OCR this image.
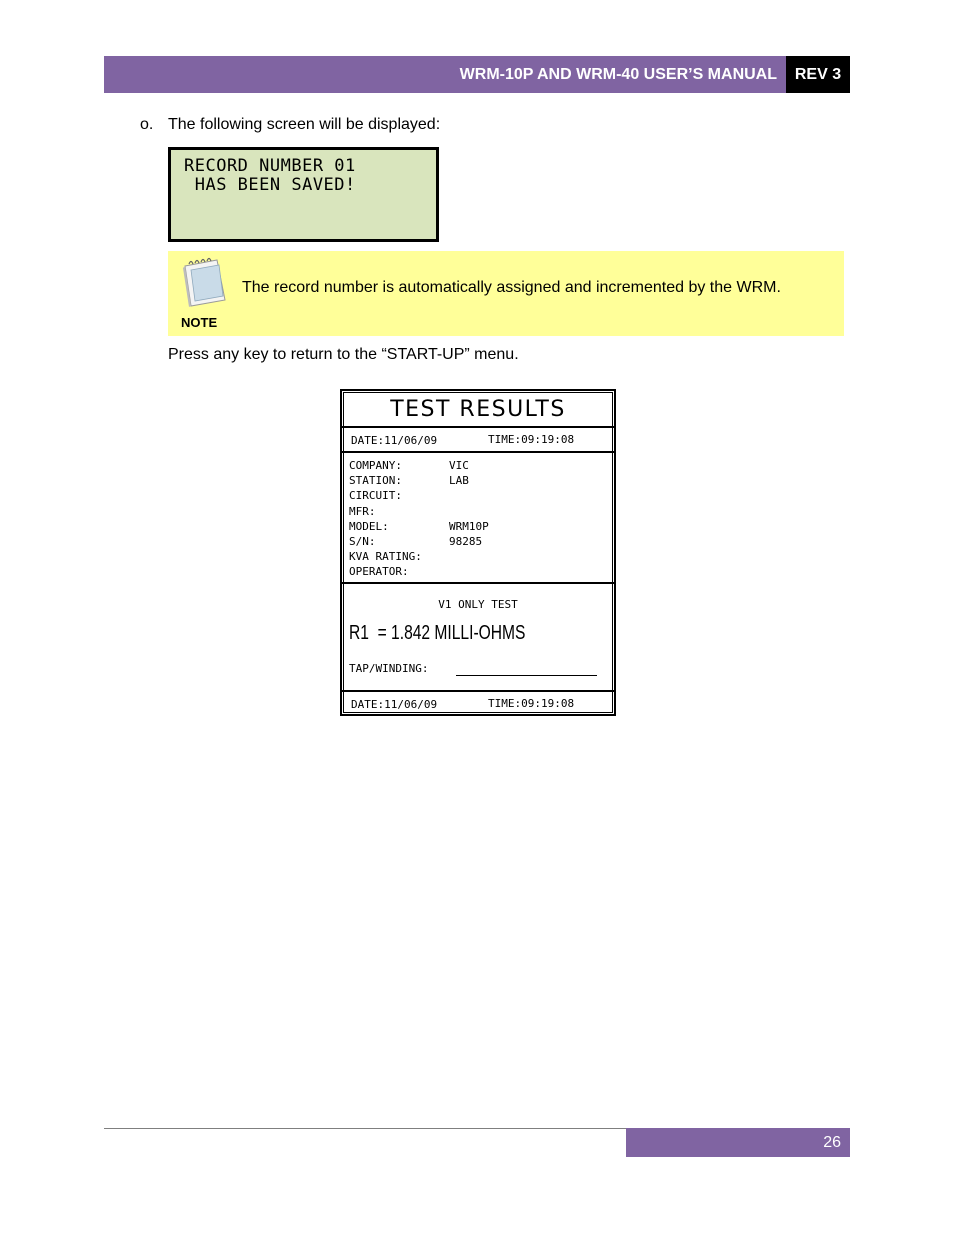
WRM-10P AND WRM-40 USER’S MANUAL REV 3
o. The following screen will be displayed:
RECORD NUMBER 01
HAS BEEN SAVED!
NOTE
The record number is automatically assigned and incremented by the WRM.
Press any key to return to the “START-UP” menu.
TEST RESULTS
DATE:11/06/09	TIME:09:19:08
COMPANY:	VIC
STATION:	LAB
CIRCUIT:
MFR:
MODEL:	WRM10P
S/N:	98285
KVA RATING:
OPERATOR:
V1 ONLY TEST
R1  = 1.842 MILLI-OHMS
TAP/WINDING:
DATE:11/06/09	TIME:09:19:08
26
